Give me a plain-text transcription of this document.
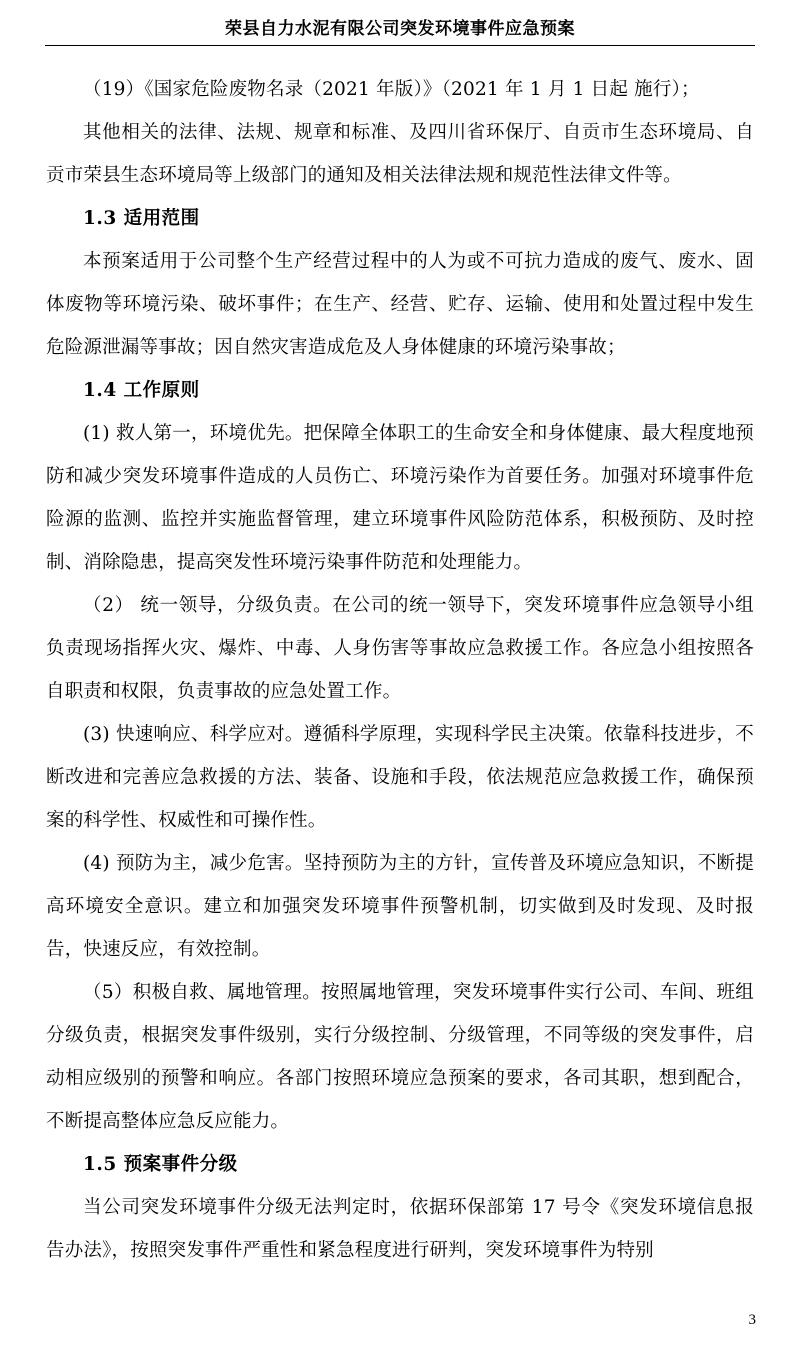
荣县自力水泥有限公司突发环境事件应急预案

（19）《国家危险废物名录（2021 年版）》（2021 年 1 月 1 日起 施行）；

其他相关的法律、法规、规章和标准、及四川省环保厅、自贡市生态环境局、自贡市荣县生态环境局等上级部门的通知及相关法律法规和规范性法律文件等。

1.3 适用范围

本预案适用于公司整个生产经营过程中的人为或不可抗力造成的废气、废水、固体废物等环境污染、破坏事件；在生产、经营、贮存、运输、使用和处置过程中发生危险源泄漏等事故；因自然灾害造成危及人身体健康的环境污染事故；

1.4 工作原则

(1) 救人第一，环境优先。把保障全体职工的生命安全和身体健康、最大程度地预防和减少突发环境事件造成的人员伤亡、环境污染作为首要任务。加强对环境事件危险源的监测、监控并实施监督管理，建立环境事件风险防范体系，积极预防、及时控制、消除隐患，提高突发性环境污染事件防范和处理能力。

（2） 统一领导，分级负责。在公司的统一领导下，突发环境事件应急领导小组负责现场指挥火灾、爆炸、中毒、人身伤害等事故应急救援工作。各应急小组按照各自职责和权限，负责事故的应急处置工作。

(3) 快速响应、科学应对。遵循科学原理，实现科学民主决策。依靠科技进步，不断改进和完善应急救援的方法、装备、设施和手段，依法规范应急救援工作，确保预案的科学性、权威性和可操作性。

(4) 预防为主，减少危害。坚持预防为主的方针，宣传普及环境应急知识，不断提高环境安全意识。建立和加强突发环境事件预警机制，切实做到及时发现、及时报告，快速反应，有效控制。

（5）积极自救、属地管理。按照属地管理，突发环境事件实行公司、车间、班组分级负责，根据突发事件级别，实行分级控制、分级管理，不同等级的突发事件，启动相应级别的预警和响应。各部门按照环境应急预案的要求，各司其职，想到配合，不断提高整体应急反应能力。

1.5 预案事件分级

当公司突发环境事件分级无法判定时，依据环保部第 17 号令《突发环境信息报告办法》，按照突发事件严重性和紧急程度进行研判，突发环境事件为特别

3
